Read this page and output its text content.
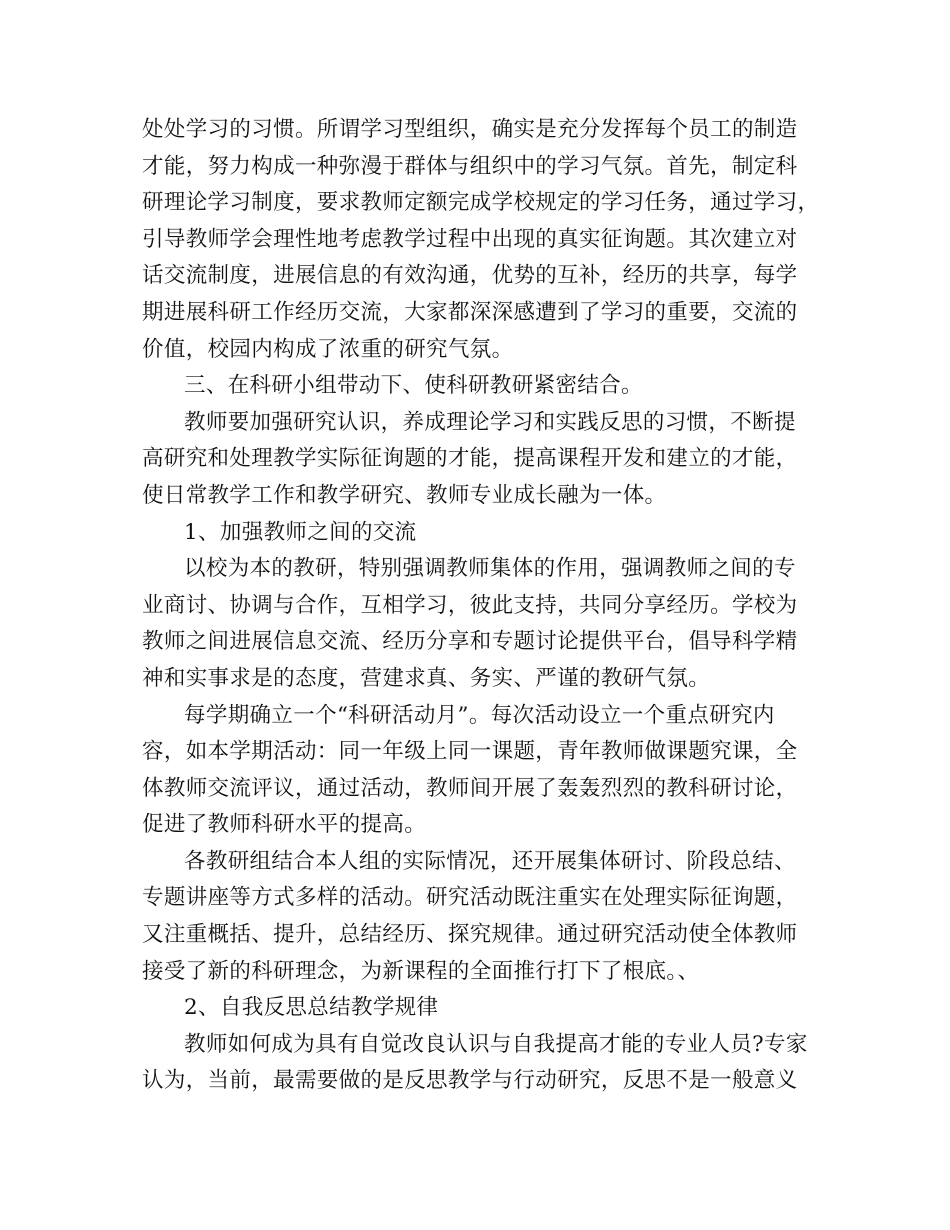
处处学习的习惯。所谓学习型组织，确实是充分发挥每个员工的制造
才能，努力构成一种弥漫于群体与组织中的学习气氛。首先，制定科
研理论学习制度，要求教师定额完成学校规定的学习任务，通过学习，
引导教师学会理性地考虑教学过程中出现的真实征询题。其次建立对
话交流制度，进展信息的有效沟通，优势的互补，经历的共享，每学
期进展科研工作经历交流，大家都深深感遭到了学习的重要，交流的
价值，校园内构成了浓重的研究气氛。
三、在科研小组带动下、使科研教研紧密结合。
教师要加强研究认识，养成理论学习和实践反思的习惯，不断提
高研究和处理教学实际征询题的才能，提高课程开发和建立的才能，
使日常教学工作和教学研究、教师专业成长融为一体。
1、加强教师之间的交流
以校为本的教研，特别强调教师集体的作用，强调教师之间的专
业商讨、协调与合作，互相学习，彼此支持，共同分享经历。学校为
教师之间进展信息交流、经历分享和专题讨论提供平台，倡导科学精
神和实事求是的态度，营建求真、务实、严谨的教研气氛。
每学期确立一个“科研活动月”。每次活动设立一个重点研究内
容，如本学期活动：同一年级上同一课题，青年教师做课题究课，全
体教师交流评议，通过活动，教师间开展了轰轰烈烈的教科研讨论，
促进了教师科研水平的提高。
各教研组结合本人组的实际情况，还开展集体研讨、阶段总结、
专题讲座等方式多样的活动。研究活动既注重实在处理实际征询题，
又注重概括、提升，总结经历、探究规律。通过研究活动使全体教师
接受了新的科研理念，为新课程的全面推行打下了根底。、
2、自我反思总结教学规律
教师如何成为具有自觉改良认识与自我提高才能的专业人员?专家
认为，当前，最需要做的是反思教学与行动研究，反思不是一般意义
